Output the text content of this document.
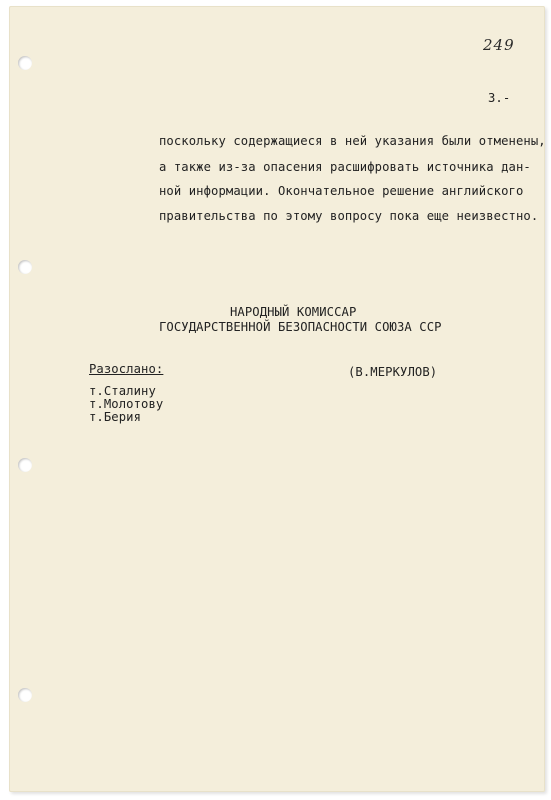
249
3.-
поскольку содержащиеся в ней указания были отменены,
а также из-за опасения расшифровать источника дан-
ной информации. Окончательное решение английского
правительства по этому вопросу пока еще неизвестно.
НАРОДНЫЙ КОМИССАР
ГОСУДАРСТВЕННОЙ БЕЗОПАСНОСТИ СОЮЗА ССР
(В.МЕРКУЛОВ)
Разослано:
т.Сталину
т.Молотову
т.Берия
